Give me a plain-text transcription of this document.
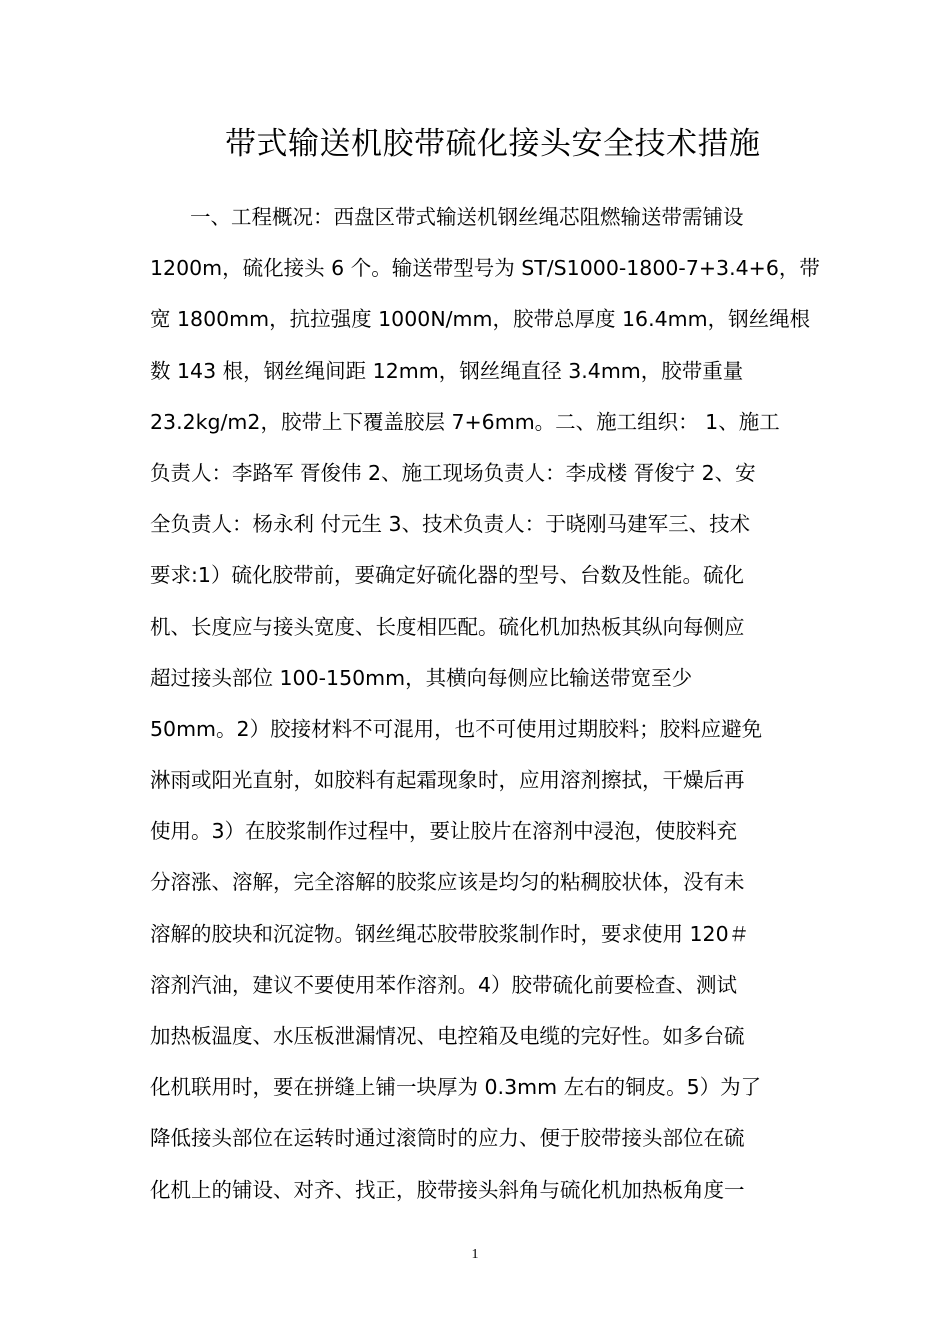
带式输送机胶带硫化接头安全技术措施
一、工程概况：西盘区带式输送机钢丝绳芯阻燃输送带需铺设
1200m，硫化接头 6 个。输送带型号为 ST/S1000-1800-7+3.4+6，带
宽 1800mm，抗拉强度 1000N/mm，胶带总厚度 16.4mm，钢丝绳根
数 143 根，钢丝绳间距 12mm，钢丝绳直径 3.4mm，胶带重量
23.2kg/m2，胶带上下覆盖胶层 7+6mm。二、施工组织： 1、施工
负责人：李路军 胥俊伟 2、施工现场负责人：李成楼 胥俊宁 2、安
全负责人：杨永利 付元生 3、技术负责人：于晓刚马建军三、技术
要求:1）硫化胶带前，要确定好硫化器的型号、台数及性能。硫化
机、长度应与接头宽度、长度相匹配。硫化机加热板其纵向每侧应
超过接头部位 100-150mm，其横向每侧应比输送带宽至少
50mm。2）胶接材料不可混用，也不可使用过期胶料；胶料应避免
淋雨或阳光直射，如胶料有起霜现象时，应用溶剂擦拭，干燥后再
使用。3）在胶浆制作过程中，要让胶片在溶剂中浸泡，使胶料充
分溶涨、溶解，完全溶解的胶浆应该是均匀的粘稠胶状体，没有未
溶解的胶块和沉淀物。钢丝绳芯胶带胶浆制作时，要求使用 120＃
溶剂汽油，建议不要使用苯作溶剂。4）胶带硫化前要检查、测试
加热板温度、水压板泄漏情况、电控箱及电缆的完好性。如多台硫
化机联用时，要在拼缝上铺一块厚为 0.3mm 左右的铜皮。5）为了
降低接头部位在运转时通过滚筒时的应力、便于胶带接头部位在硫
化机上的铺设、对齐、找正，胶带接头斜角与硫化机加热板角度一
1
